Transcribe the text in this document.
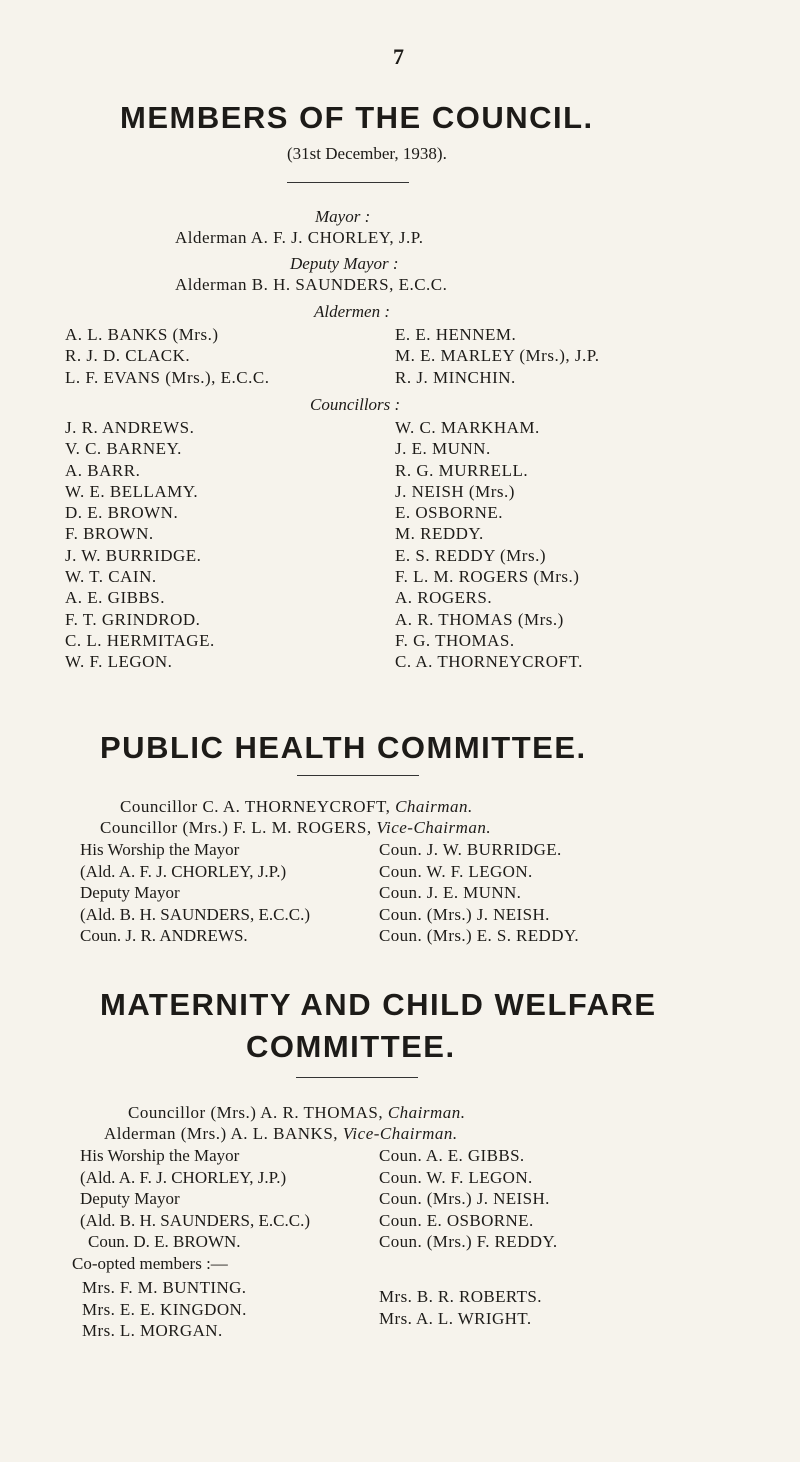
7
MEMBERS OF THE COUNCIL.
(31st December, 1938).
Mayor :
Alderman A. F. J. CHORLEY, J.P.
Deputy Mayor :
Alderman B. H. SAUNDERS, E.C.C.
Aldermen :
A. L. BANKS (Mrs.)
R. J. D. CLACK.
L. F. EVANS (Mrs.), E.C.C.
E. E. HENNEM.
M. E. MARLEY (Mrs.), J.P.
R. J. MINCHIN.
Councillors :
J. R. ANDREWS.
V. C. BARNEY.
A. BARR.
W. E. BELLAMY.
D. E. BROWN.
F. BROWN.
J. W. BURRIDGE.
W. T. CAIN.
A. E. GIBBS.
F. T. GRINDROD.
C. L. HERMITAGE.
W. F. LEGON.
W. C. MARKHAM.
J. E. MUNN.
R. G. MURRELL.
J. NEISH (Mrs.)
E. OSBORNE.
M. REDDY.
E. S. REDDY (Mrs.)
F. L. M. ROGERS (Mrs.)
A. ROGERS.
A. R. THOMAS (Mrs.)
F. G. THOMAS.
C. A. THORNEYCROFT.
PUBLIC HEALTH COMMITTEE.
Councillor C. A. THORNEYCROFT, Chairman.
Councillor (Mrs.) F. L. M. ROGERS, Vice-Chairman.
His Worship the Mayor
(Ald. A. F. J. CHORLEY, J.P.)
Deputy Mayor
(Ald. B. H. SAUNDERS, E.C.C.)
Coun. J. R. ANDREWS.
Coun. J. W. BURRIDGE.
Coun. W. F. LEGON.
Coun. J. E. MUNN.
Coun. (Mrs.) J. NEISH.
Coun. (Mrs.) E. S. REDDY.
MATERNITY AND CHILD WELFARE
COMMITTEE.
Councillor (Mrs.) A. R. THOMAS, Chairman.
Alderman (Mrs.) A. L. BANKS, Vice-Chairman.
His Worship the Mayor
(Ald. A. F. J. CHORLEY, J.P.)
Deputy Mayor
(Ald. B. H. SAUNDERS, E.C.C.)
Coun. D. E. BROWN.
Coun. A. E. GIBBS.
Coun. W. F. LEGON.
Coun. (Mrs.) J. NEISH.
Coun. E. OSBORNE.
Coun. (Mrs.) F. REDDY.
Co-opted members :—
Mrs. F. M. BUNTING.
Mrs. E. E. KINGDON.
Mrs. L. MORGAN.
Mrs. B. R. ROBERTS.
Mrs. A. L. WRIGHT.
